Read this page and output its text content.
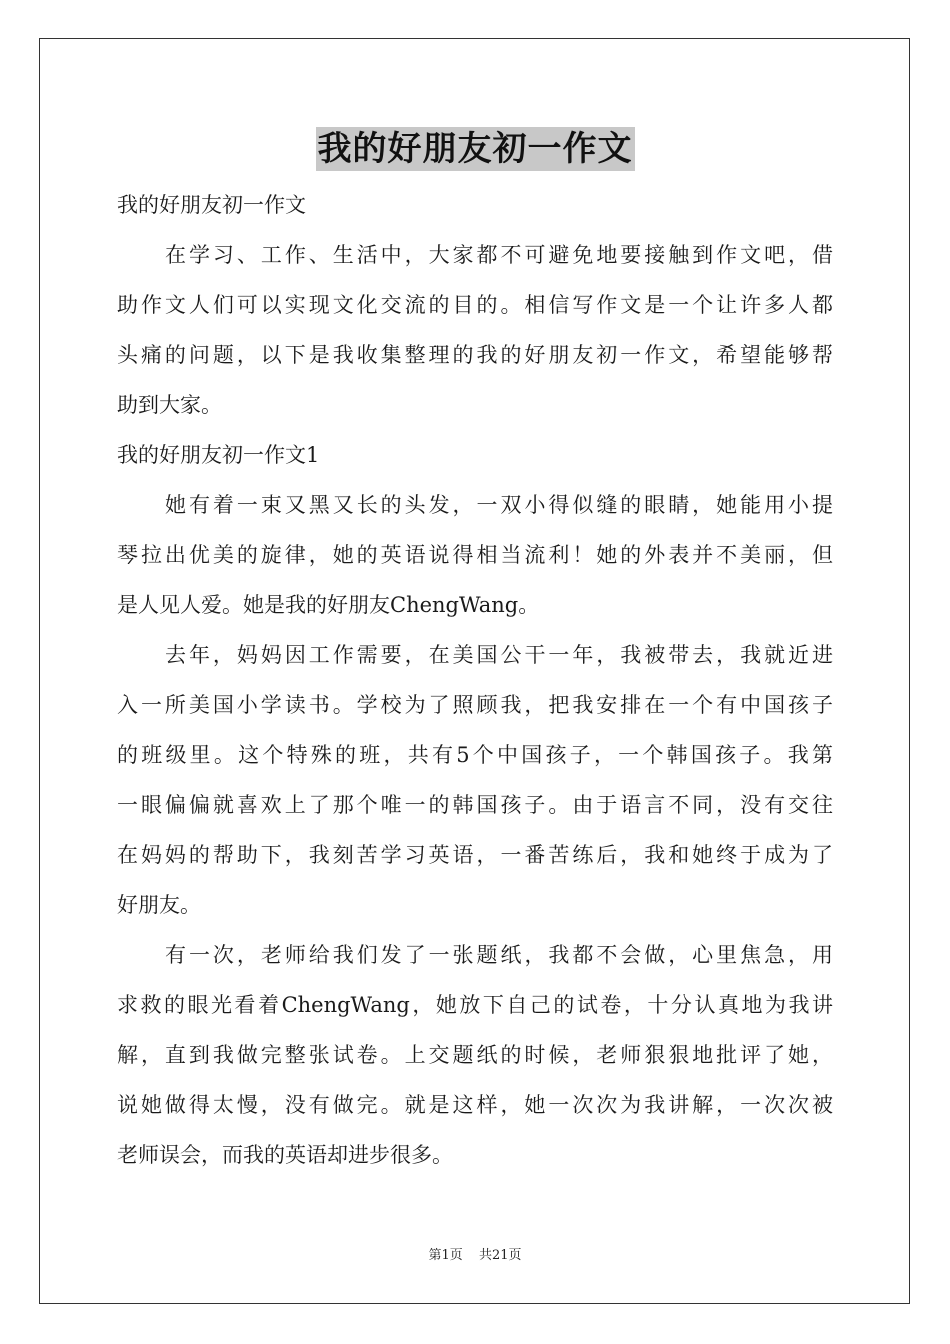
我的好朋友初一作文
我的好朋友初一作文
在学习、工作、生活中，大家都不可避免地要接触到作文吧，借
助作文人们可以实现文化交流的目的。相信写作文是一个让许多人都
头痛的问题，以下是我收集整理的我的好朋友初一作文，希望能够帮
助到大家。
我的好朋友初一作文1
她有着一束又黑又长的头发，一双小得似缝的眼睛，她能用小提
琴拉出优美的旋律，她的英语说得相当流利！她的外表并不美丽，但
是人见人爱。她是我的好朋友ChengWang。
去年，妈妈因工作需要，在美国公干一年，我被带去，我就近进
入一所美国小学读书。学校为了照顾我，把我安排在一个有中国孩子
的班级里。这个特殊的班，共有5个中国孩子，一个韩国孩子。我第
一眼偏偏就喜欢上了那个唯一的韩国孩子。由于语言不同，没有交往
在妈妈的帮助下，我刻苦学习英语，一番苦练后，我和她终于成为了
好朋友。
有一次，老师给我们发了一张题纸，我都不会做，心里焦急，用
求救的眼光看着ChengWang，她放下自己的试卷，十分认真地为我讲
解，直到我做完整张试卷。上交题纸的时候，老师狠狠地批评了她，
说她做得太慢，没有做完。就是这样，她一次次为我讲解，一次次被
老师误会，而我的英语却进步很多。
第1页 共21页
